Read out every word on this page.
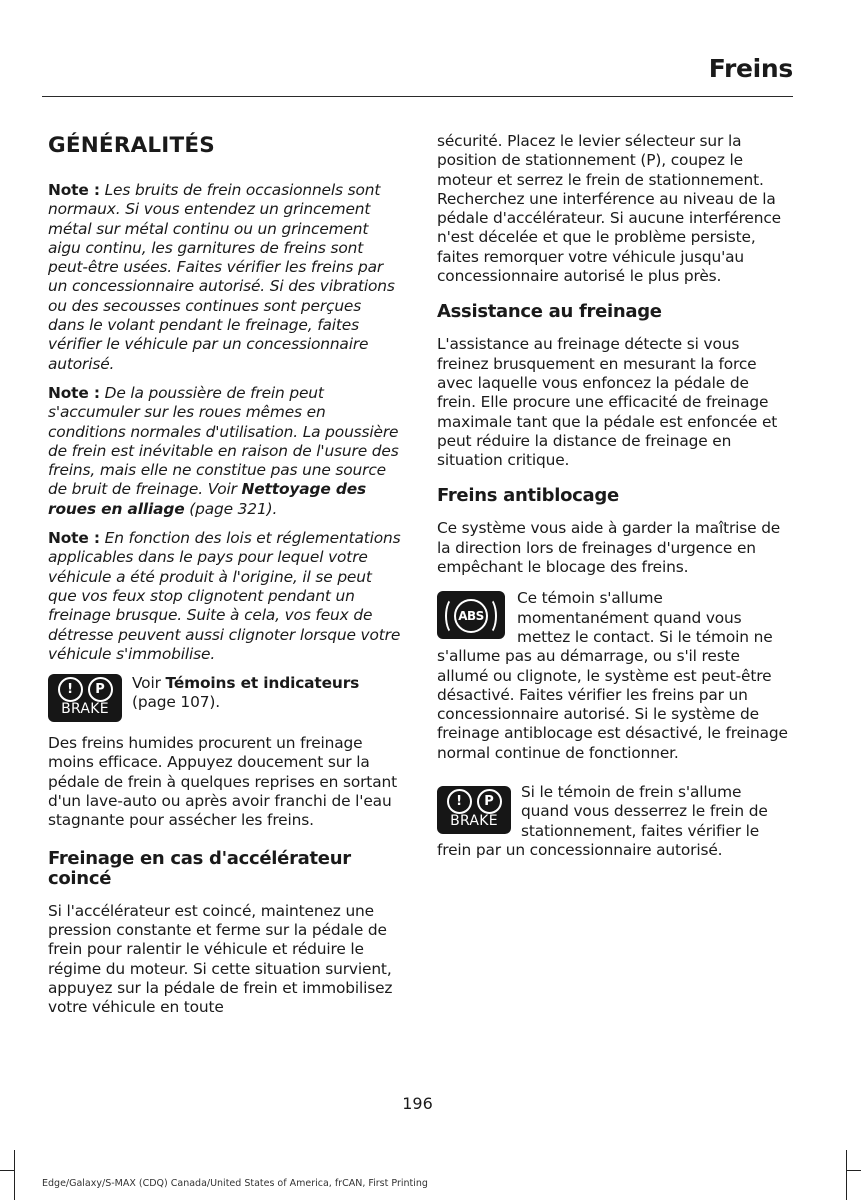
Freins
GÉNÉRALITÉS

Note : Les bruits de frein occasionnels sont normaux. Si vous entendez un grincement métal sur métal continu ou un grincement aigu continu, les garnitures de freins sont peut-être usées. Faites vérifier les freins par un concessionnaire autorisé. Si des vibrations ou des secousses continues sont perçues dans le volant pendant le freinage, faites vérifier le véhicule par un concessionnaire autorisé.

Note : De la poussière de frein peut s'accumuler sur les roues mêmes en conditions normales d'utilisation. La poussière de frein est inévitable en raison de l'usure des freins, mais elle ne constitue pas une source de bruit de freinage. Voir Nettoyage des roues en alliage (page 321).

Note : En fonction des lois et réglementations applicables dans le pays pour lequel votre véhicule a été produit à l'origine, il se peut que vos feux stop clignotent pendant un freinage brusque. Suite à cela, vos feux de détresse peuvent aussi clignoter lorsque votre véhicule s'immobilise.

!	P
BRAKE
Voir Témoins et indicateurs (page 107).

Des freins humides procurent un freinage moins efficace. Appuyez doucement sur la pédale de frein à quelques reprises en sortant d'un lave-auto ou après avoir franchi de l'eau stagnante pour assécher les freins.

Freinage en cas d'accélérateur coincé

Si l'accélérateur est coincé, maintenez une pression constante et ferme sur la pédale de frein pour ralentir le véhicule et réduire le régime du moteur. Si cette situation survient, appuyez sur la pédale de frein et immobilisez votre véhicule en toute

sécurité. Placez le levier sélecteur sur la position de stationnement (P), coupez le moteur et serrez le frein de stationnement. Recherchez une interférence au niveau de la pédale d'accélérateur. Si aucune interférence n'est décelée et que le problème persiste, faites remorquer votre véhicule jusqu'au concessionnaire autorisé le plus près.

Assistance au freinage

L'assistance au freinage détecte si vous freinez brusquement en mesurant la force avec laquelle vous enfoncez la pédale de frein. Elle procure une efficacité de freinage maximale tant que la pédale est enfoncée et peut réduire la distance de freinage en situation critique.

Freins antiblocage

Ce système vous aide à garder la maîtrise de la direction lors de freinages d'urgence en empêchant le blocage des freins.

ABS
Ce témoin s'allume momentanément quand vous mettez le contact. Si le témoin ne s'allume pas au démarrage, ou s'il reste allumé ou clignote, le système est peut-être désactivé. Faites vérifier les freins par un concessionnaire autorisé. Si le système de freinage antiblocage est désactivé, le freinage normal continue de fonctionner.
!	P
BRAKE
Si le témoin de frein s'allume quand vous desserrez le frein de stationnement, faites vérifier le frein par un concessionnaire autorisé.
196
Edge/Galaxy/S-MAX (CDQ) Canada/United States of America, frCAN, First Printing
